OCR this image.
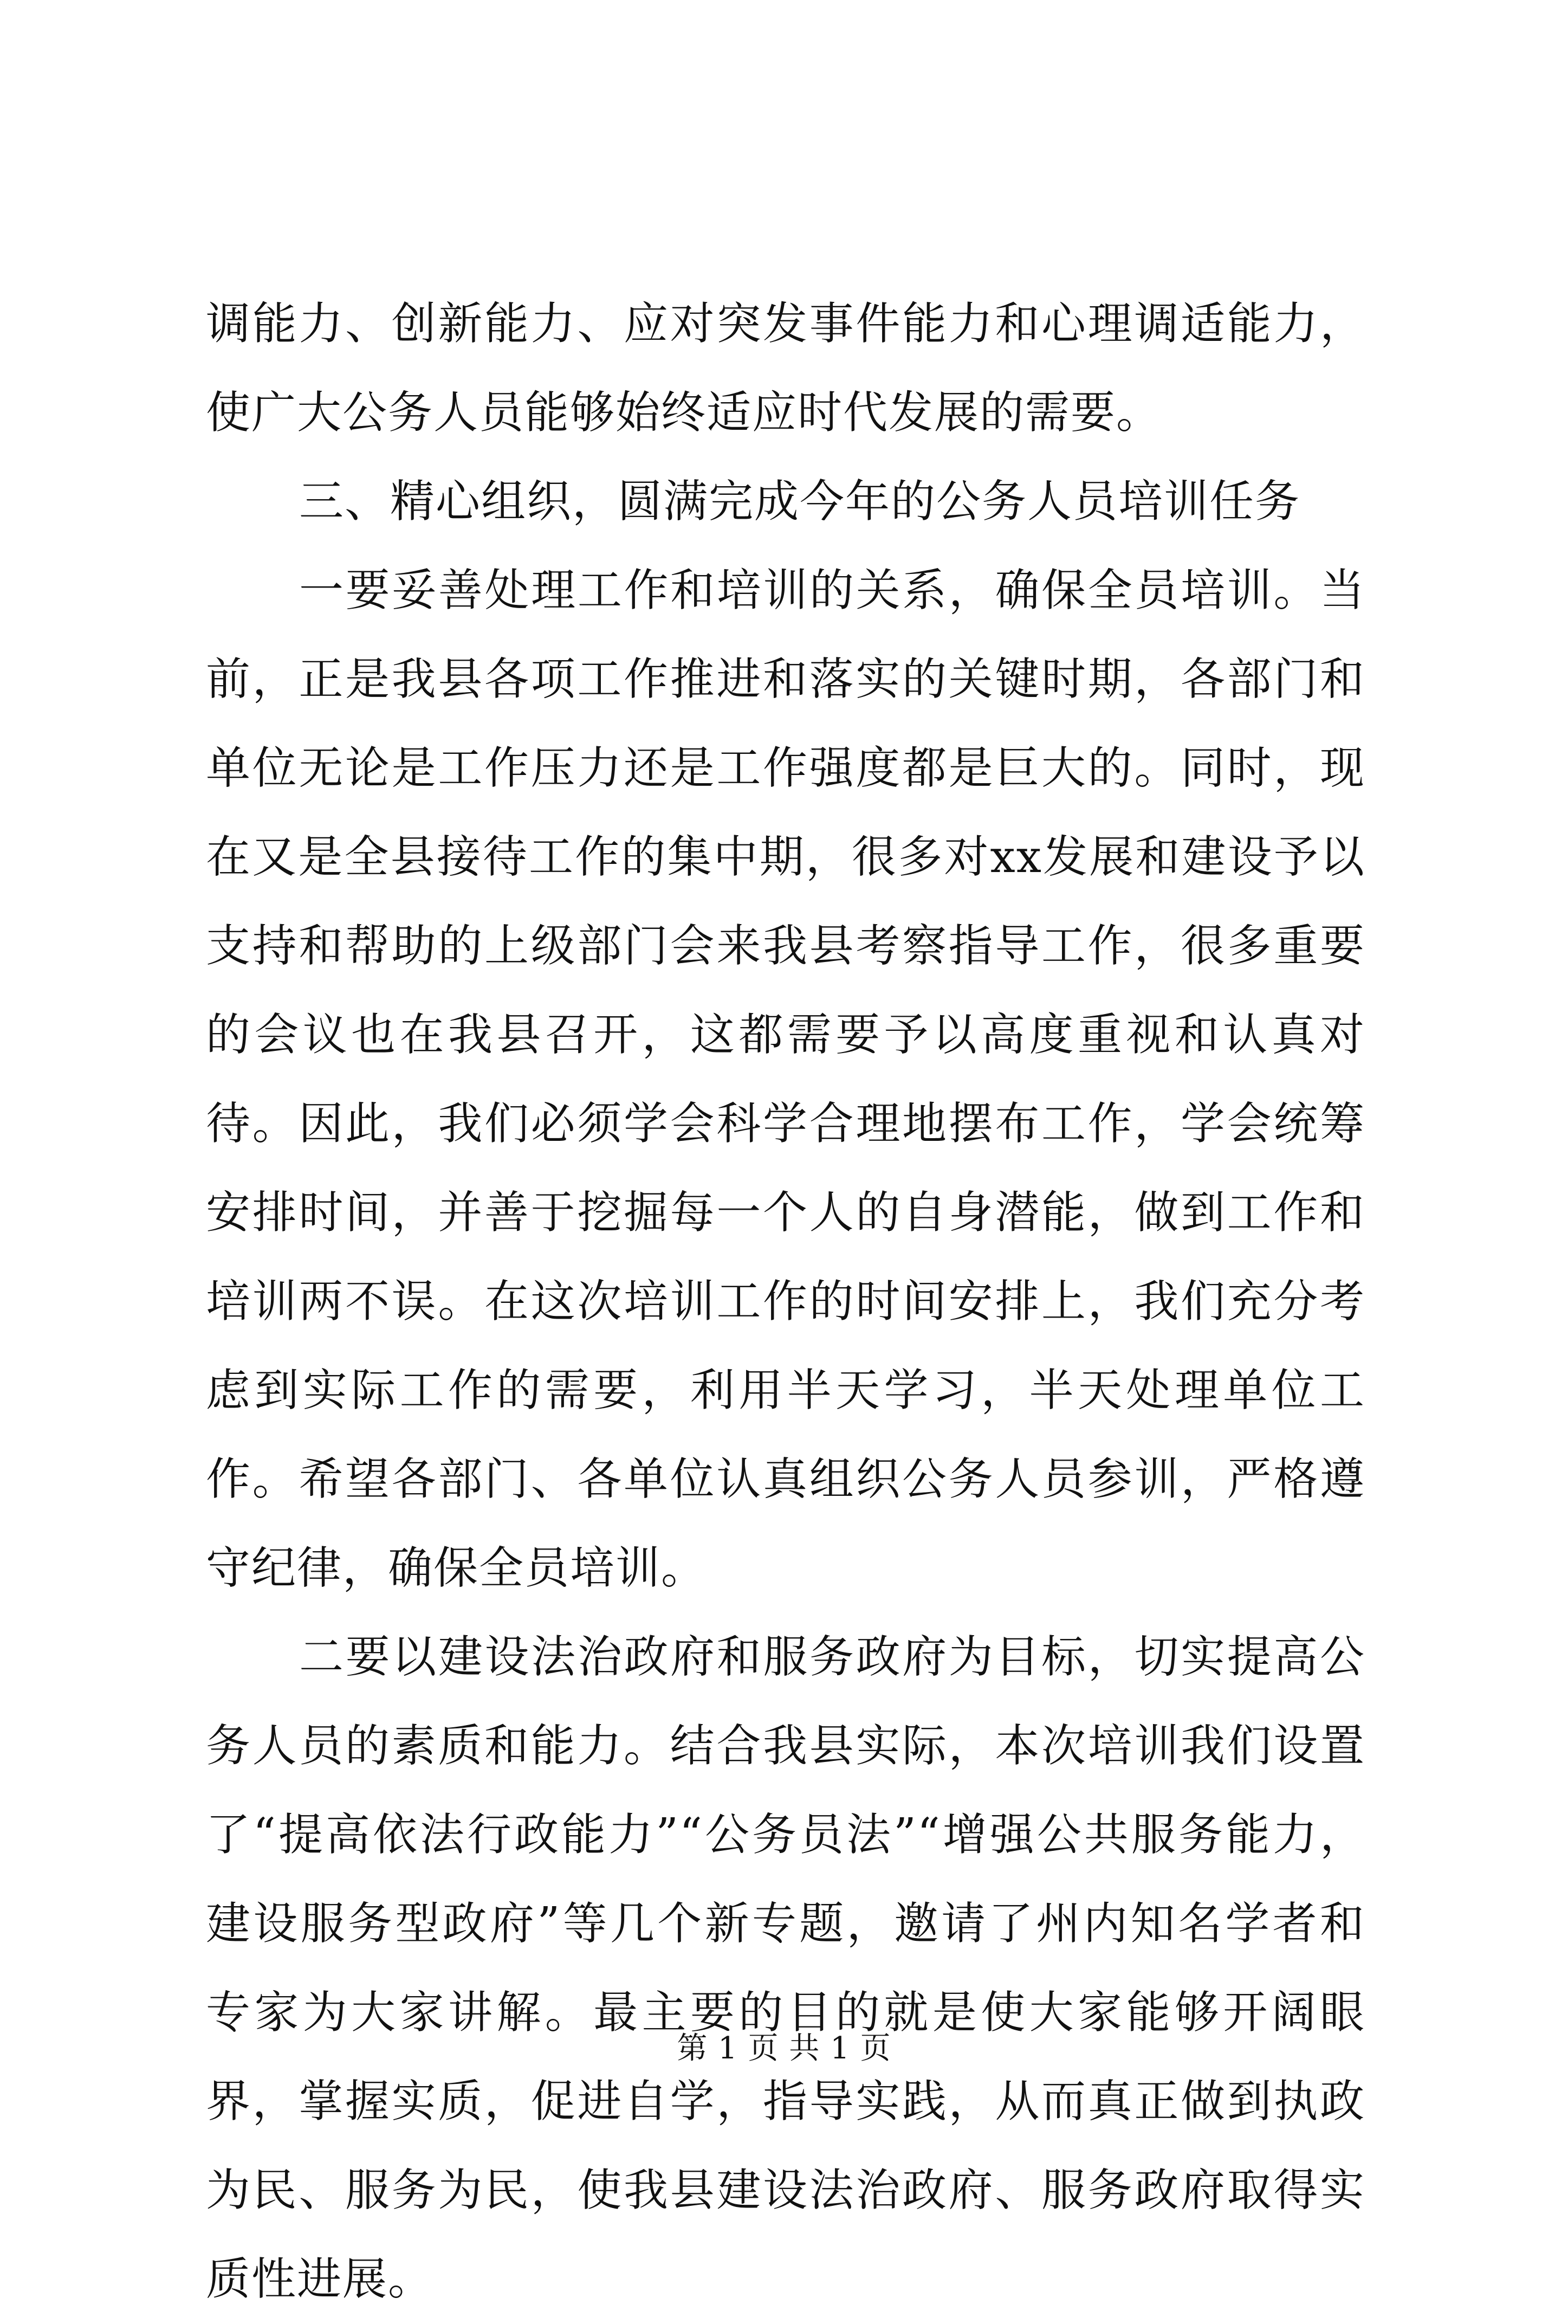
调能力、创新能力、应对突发事件能力和心理调适能力，使广大公务人员能够始终适应时代发展的需要。

三、精心组织，圆满完成今年的公务人员培训任务

一要妥善处理工作和培训的关系，确保全员培训。当前，正是我县各项工作推进和落实的关键时期，各部门和单位无论是工作压力还是工作强度都是巨大的。同时，现在又是全县接待工作的集中期，很多对xx发展和建设予以支持和帮助的上级部门会来我县考察指导工作，很多重要的会议也在我县召开，这都需要予以高度重视和认真对待。因此，我们必须学会科学合理地摆布工作，学会统筹安排时间，并善于挖掘每一个人的自身潜能，做到工作和培训两不误。在这次培训工作的时间安排上，我们充分考虑到实际工作的需要，利用半天学习，半天处理单位工作。希望各部门、各单位认真组织公务人员参训，严格遵守纪律，确保全员培训。

二要以建设法治政府和服务政府为目标，切实提高公务人员的素质和能力。结合我县实际，本次培训我们设置了“提高依法行政能力”“公务员法”“增强公共服务能力，建设服务型政府”等几个新专题，邀请了州内知名学者和专家为大家讲解。最主要的目的就是使大家能够开阔眼界，掌握实质，促进自学，指导实践，从而真正做到执政为民、服务为民，使我县建设法治政府、服务政府取得实质性进展。

第 1 页 共 1 页
